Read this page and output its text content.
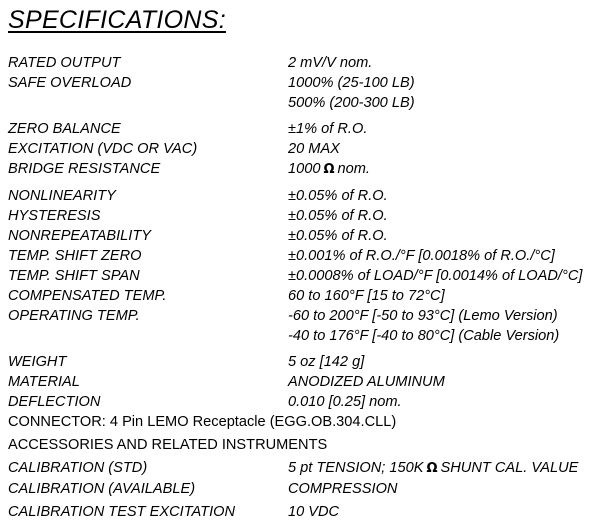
SPECIFICATIONS:
RATED OUTPUT	2 mV/V nom.
SAFE OVERLOAD	1000% (25-100 LB)
500% (200-300 LB)
ZERO BALANCE	±1% of R.O.
EXCITATION (VDC OR VAC)	20 MAX
BRIDGE RESISTANCE	1000 Ω nom.
NONLINEARITY	±0.05% of R.O.
HYSTERESIS	±0.05% of R.O.
NONREPEATABILITY	±0.05% of R.O.
TEMP. SHIFT ZERO	±0.001% of R.O./°F [0.0018% of R.O./°C]
TEMP. SHIFT SPAN	±0.0008% of LOAD/°F [0.0014% of LOAD/°C]
COMPENSATED TEMP.	60 to 160°F [15 to 72°C]
OPERATING TEMP.	-60 to 200°F [-50 to 93°C] (Lemo Version)
-40 to 176°F [-40 to 80°C] (Cable Version)
WEIGHT	5 oz [142 g]
MATERIAL	ANODIZED ALUMINUM
DEFLECTION	0.010 [0.25] nom.
CONNECTOR: 4 Pin LEMO Receptacle (EGG.OB.304.CLL)
ACCESSORIES AND RELATED INSTRUMENTS
CALIBRATION (STD)	5 pt TENSION; 150K Ω SHUNT CAL. VALUE
CALIBRATION (AVAILABLE)	COMPRESSION
CALIBRATION TEST EXCITATION	10 VDC
